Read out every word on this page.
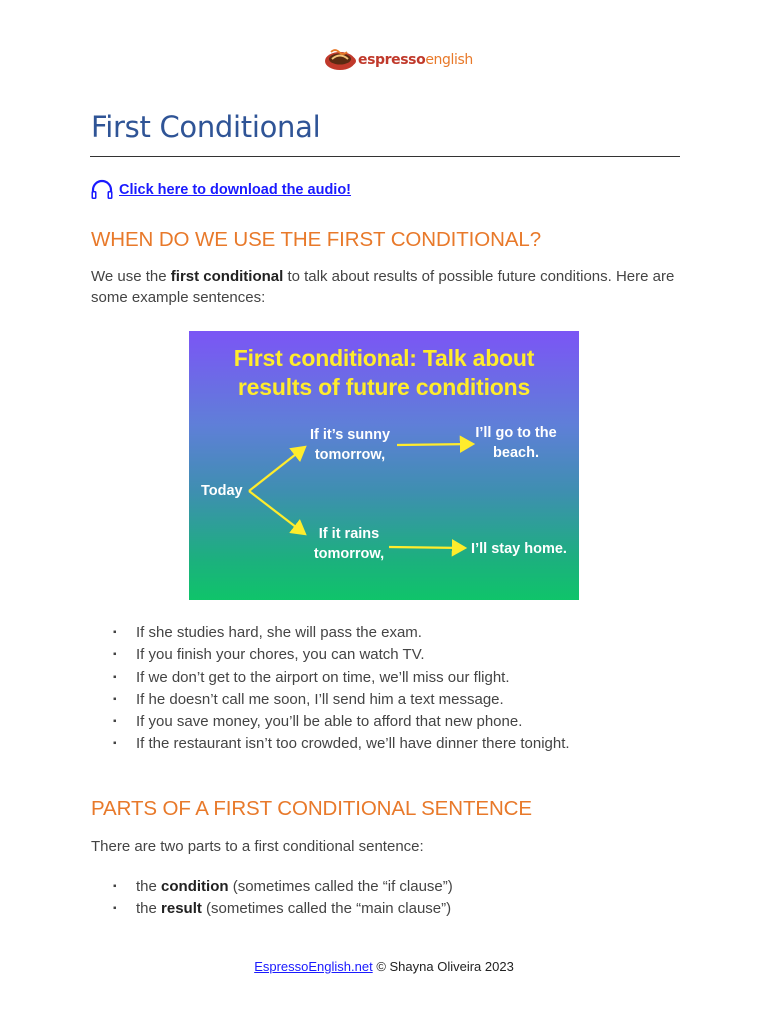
espressoenglish
First Conditional
Click here to download the audio!
WHEN DO WE USE THE FIRST CONDITIONAL?

We use the first conditional to talk about results of possible future conditions. Here are some example sentences:

First conditional: Talk about
results of future conditions
Today
If it’s sunny
tomorrow,
I’ll go to the
beach.
If it rains
tomorrow,	I’ll stay home.
▪ If she studies hard, she will pass the exam.
▪ If you finish your chores, you can watch TV.
▪ If we don’t get to the airport on time, we’ll miss our flight.
▪ If he doesn’t call me soon, I’ll send him a text message.
▪ If you save money, you’ll be able to afford that new phone.
▪ If the restaurant isn’t too crowded, we’ll have dinner there tonight.
PARTS OF A FIRST CONDITIONAL SENTENCE

There are two parts to a first conditional sentence:

▪ the condition (sometimes called the “if clause”)
▪ the result (sometimes called the “main clause”)
EspressoEnglish.net © Shayna Oliveira 2023
